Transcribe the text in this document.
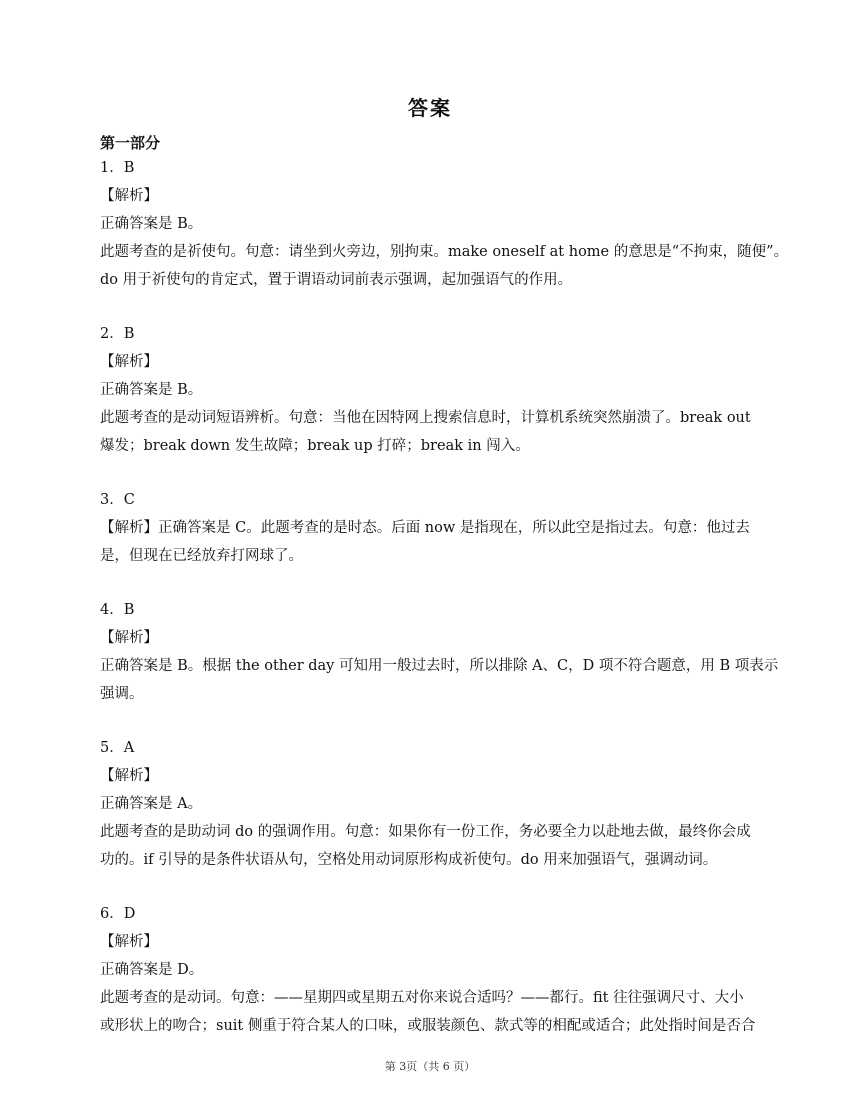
答案
第一部分
1．B
【解析】
正确答案是 B。
此题考查的是祈使句。句意：请坐到火旁边，别拘束。make oneself at home 的意思是“不拘束，随便”。
do 用于祈使句的肯定式，置于谓语动词前表示强调，起加强语气的作用。
2．B
【解析】
正确答案是 B。
此题考查的是动词短语辨析。句意：当他在因特网上搜索信息时，计算机系统突然崩溃了。break out
爆发；break down 发生故障；break up 打碎；break in 闯入。
3．C
【解析】正确答案是 C。此题考查的是时态。后面 now 是指现在，所以此空是指过去。句意：他过去
是，但现在已经放弃打网球了。
4．B
【解析】
正确答案是 B。根据 the other day 可知用一般过去时，所以排除 A、C，D 项不符合题意，用 B 项表示
强调。
5．A
【解析】
正确答案是 A。
此题考查的是助动词 do 的强调作用。句意：如果你有一份工作，务必要全力以赴地去做，最终你会成
功的。if 引导的是条件状语从句，空格处用动词原形构成祈使句。do 用来加强语气，强调动词。
6．D
【解析】
正确答案是 D。
此题考查的是动词。句意：——星期四或星期五对你来说合适吗？——都行。fit 往往强调尺寸、大小
或形状上的吻合；suit 侧重于符合某人的口味，或服装颜色、款式等的相配或适合；此处指时间是否合
第 3页（共 6 页）
